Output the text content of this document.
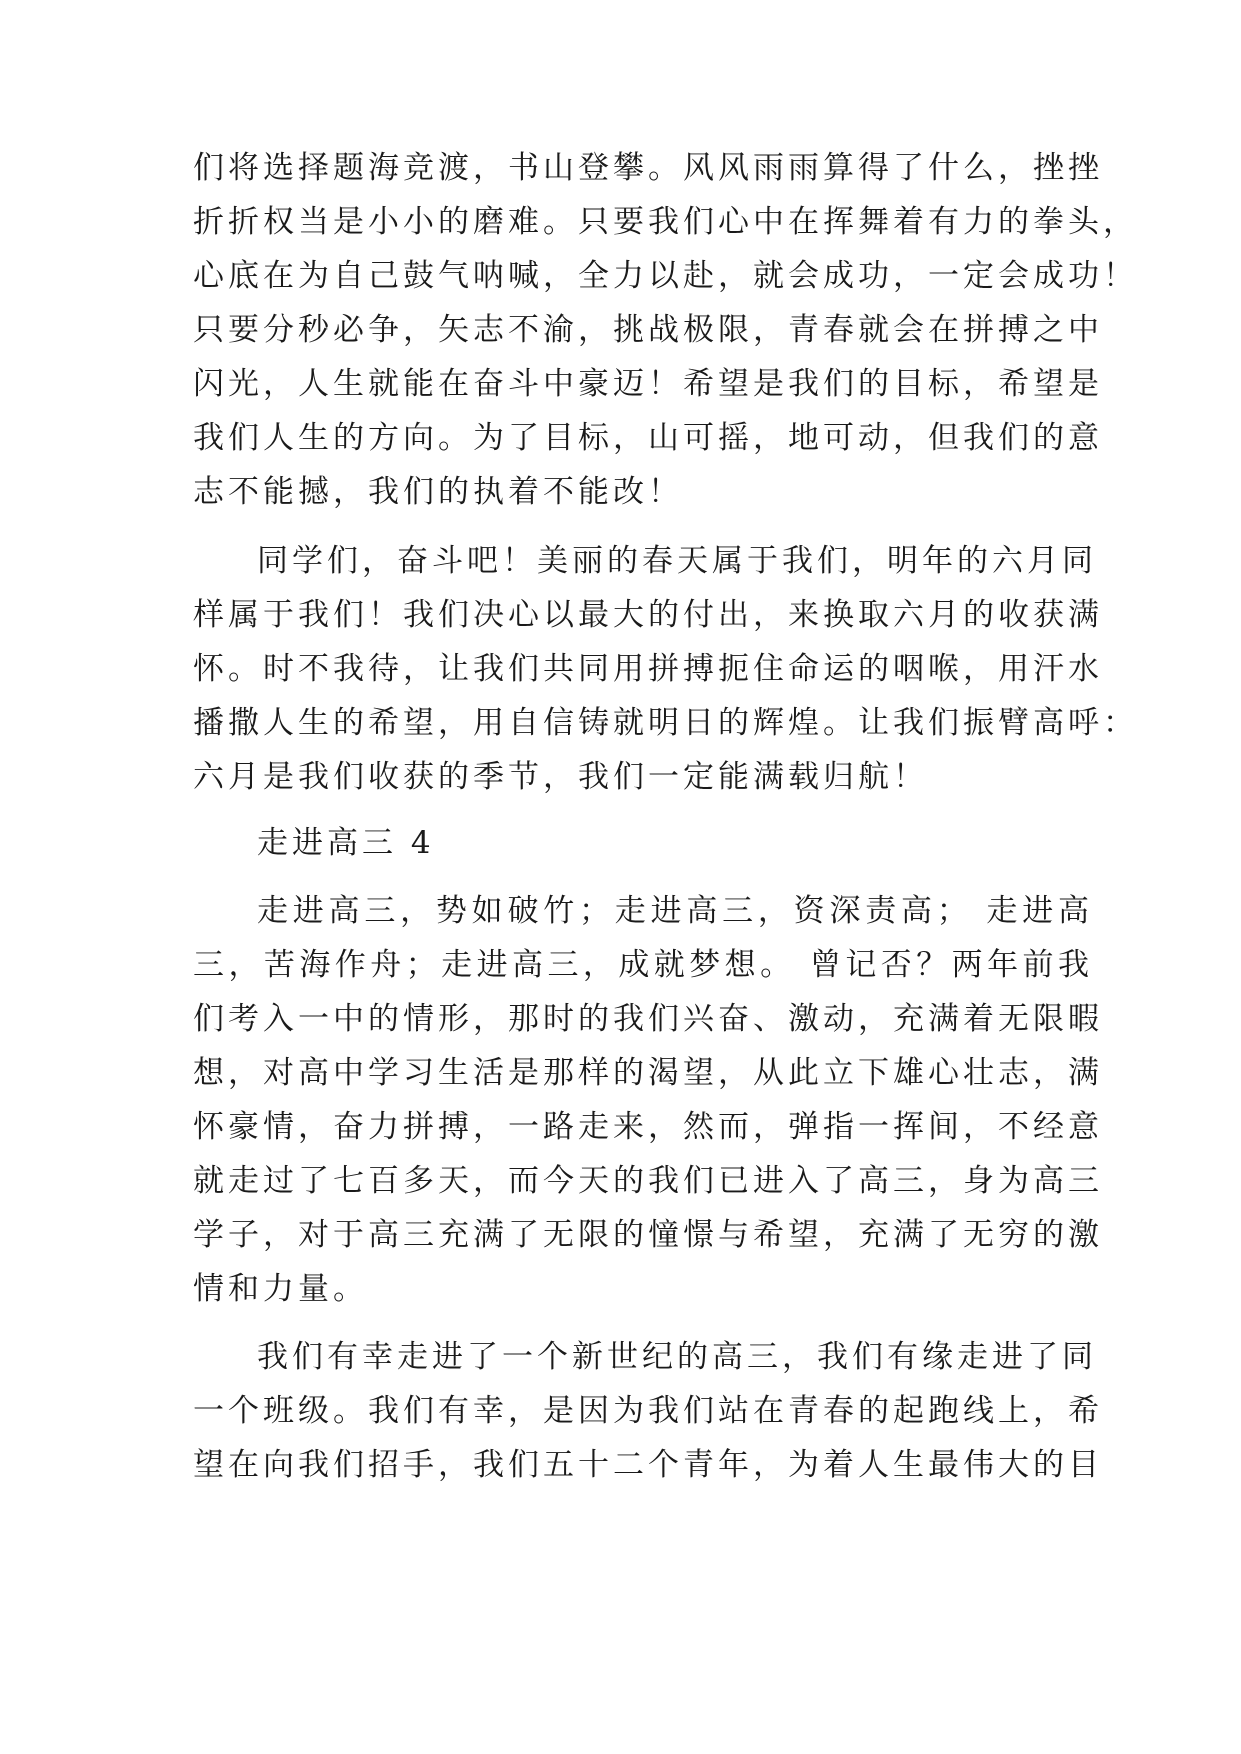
们将选择题海竞渡，书山登攀。风风雨雨算得了什么，挫挫
折折权当是小小的磨难。只要我们心中在挥舞着有力的拳头，
心底在为自己鼓气呐喊，全力以赴，就会成功，一定会成功！
只要分秒必争，矢志不渝，挑战极限，青春就会在拼搏之中
闪光，人生就能在奋斗中豪迈！希望是我们的目标，希望是
我们人生的方向。为了目标，山可摇，地可动，但我们的意
志不能撼，我们的执着不能改！
同学们，奋斗吧！美丽的春天属于我们，明年的六月同
样属于我们！我们决心以最大的付出，来换取六月的收获满
怀。时不我待，让我们共同用拼搏扼住命运的咽喉，用汗水
播撒人生的希望，用自信铸就明日的辉煌。让我们振臂高呼：
六月是我们收获的季节，我们一定能满载归航！
走进高三 4
走进高三，势如破竹；走进高三，资深责高； 走进高
三，苦海作舟；走进高三，成就梦想。 曾记否？两年前我
们考入一中的情形，那时的我们兴奋、激动，充满着无限暇
想，对高中学习生活是那样的渴望，从此立下雄心壮志，满
怀豪情，奋力拼搏，一路走来，然而，弹指一挥间，不经意
就走过了七百多天，而今天的我们已进入了高三，身为高三
学子，对于高三充满了无限的憧憬与希望，充满了无穷的激
情和力量。
我们有幸走进了一个新世纪的高三，我们有缘走进了同
一个班级。我们有幸，是因为我们站在青春的起跑线上，希
望在向我们招手，我们五十二个青年，为着人生最伟大的目
